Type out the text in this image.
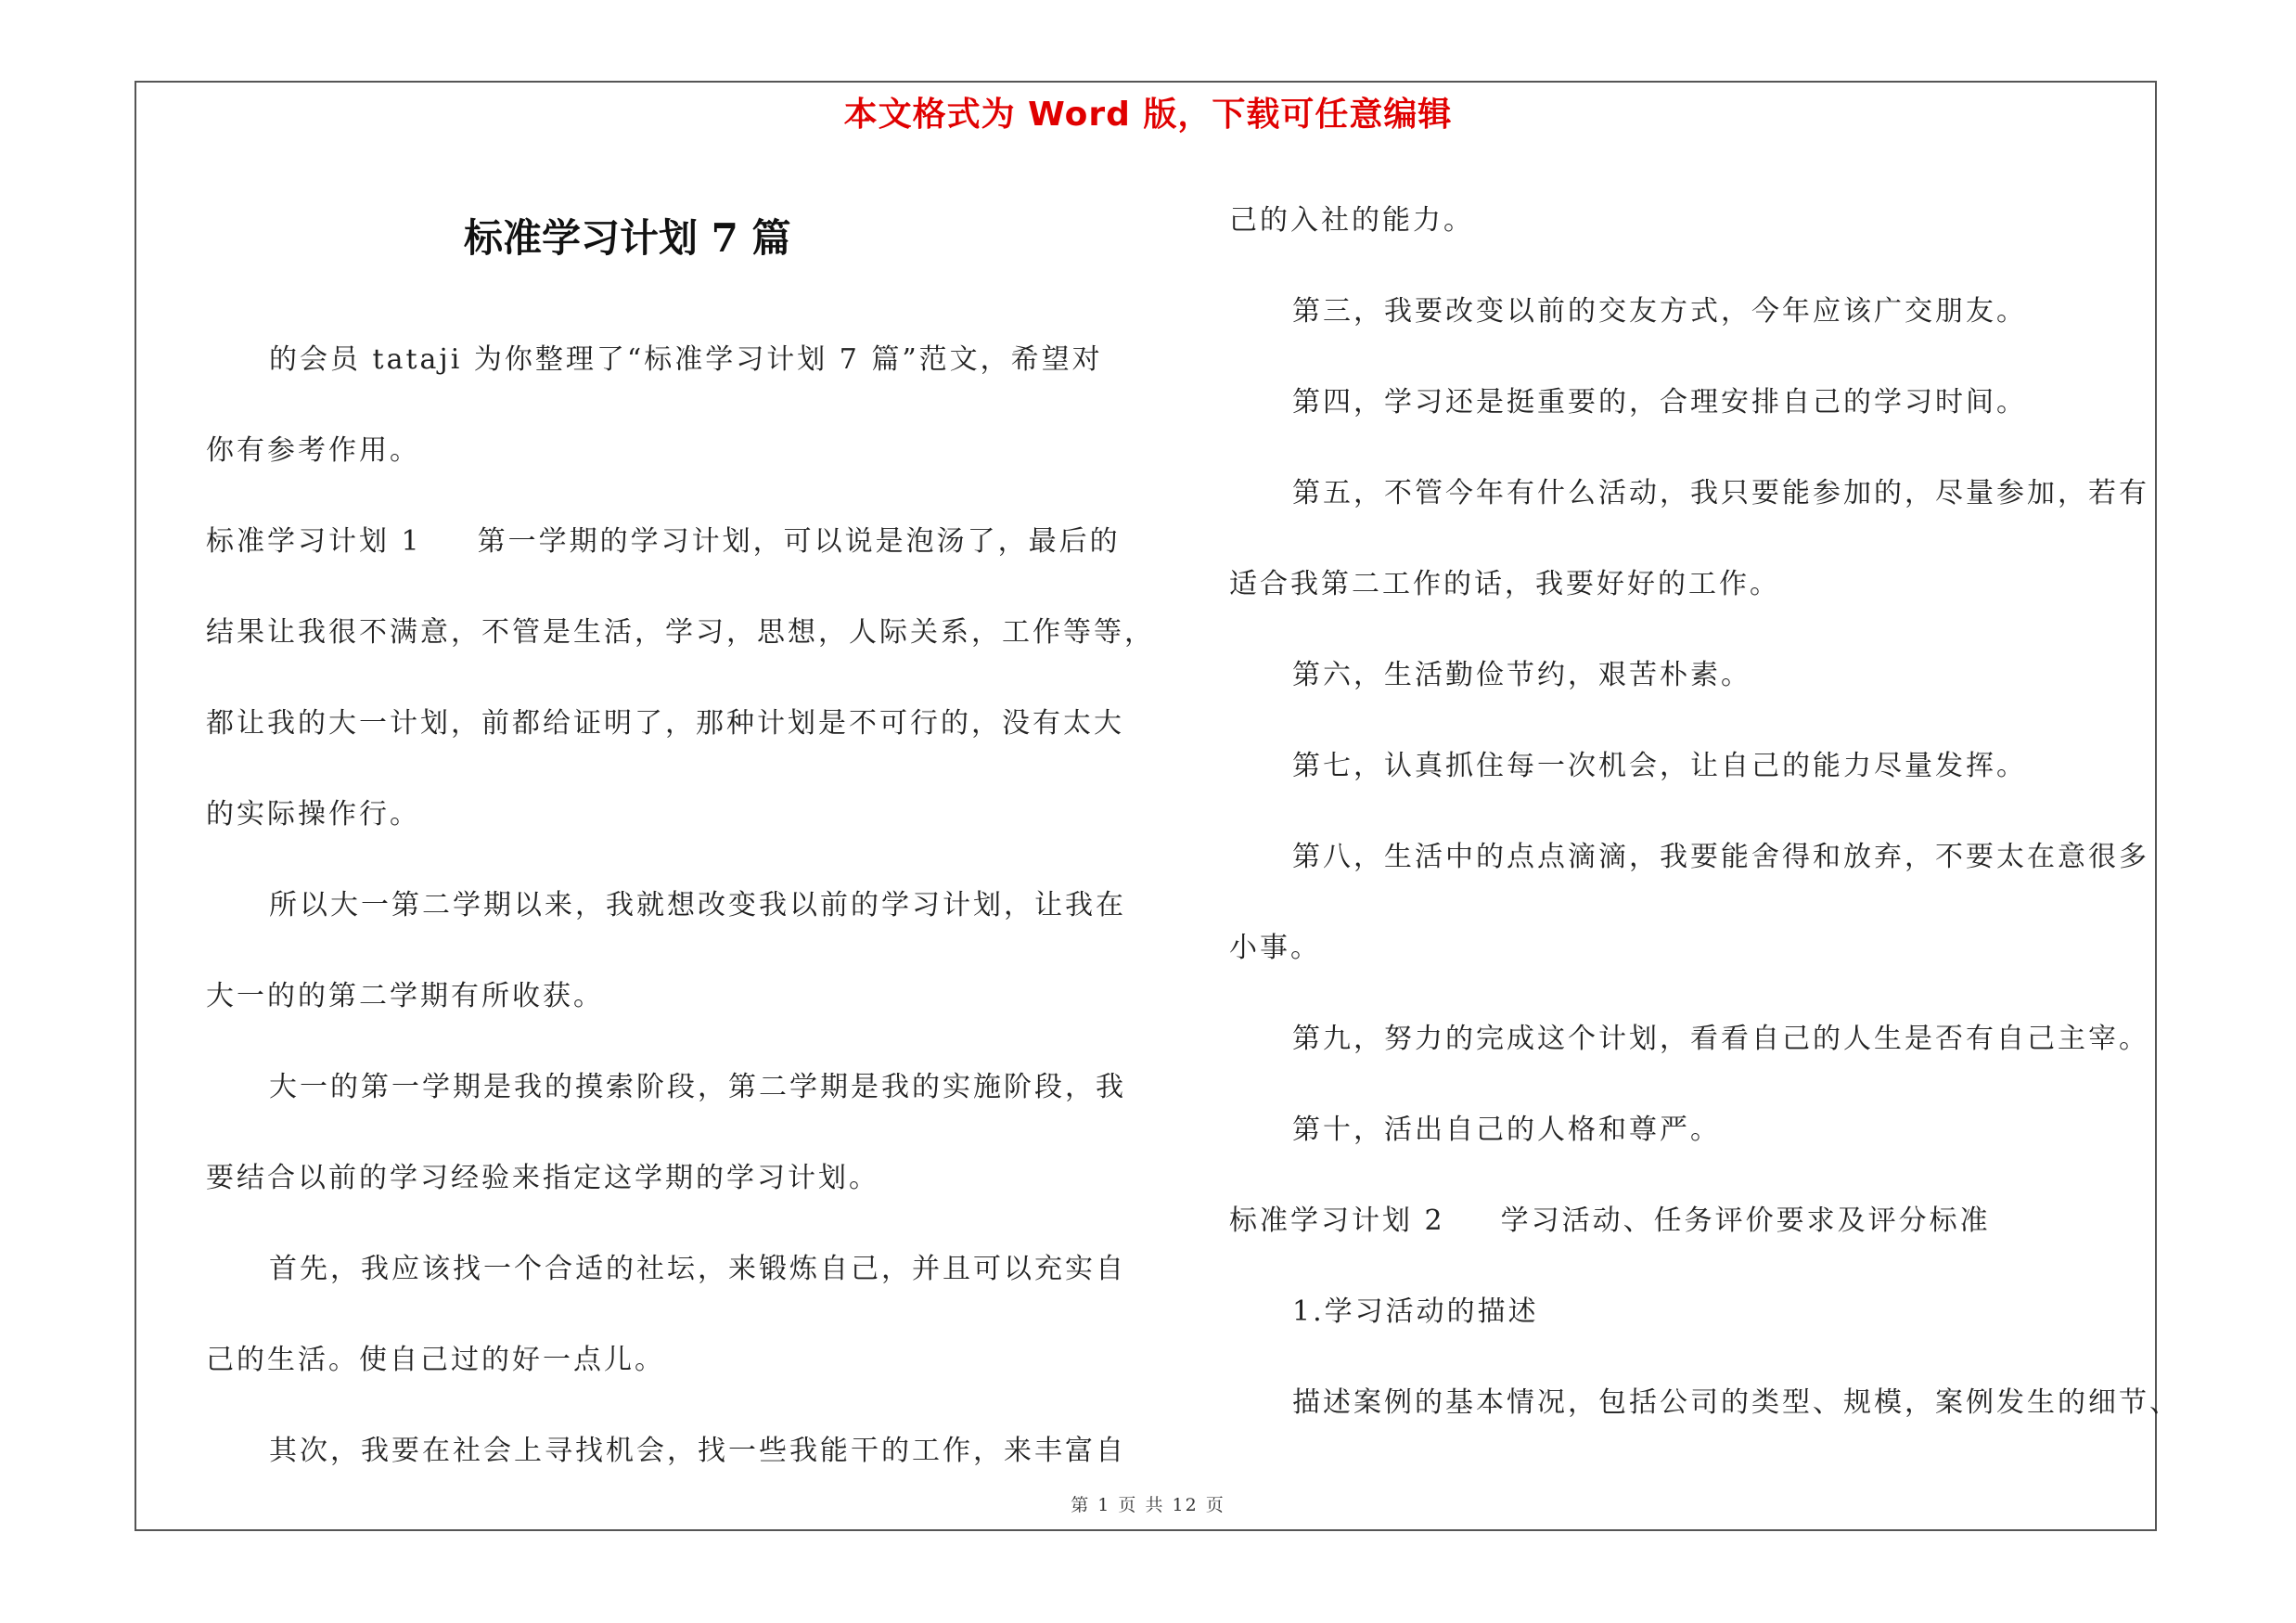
本文格式为 Word 版，下载可任意编辑
标准学习计划 7 篇
的会员 tataji 为你整理了“标准学习计划 7 篇”范文，希望对
你有参考作用。
标准学习计划 1 第一学期的学习计划，可以说是泡汤了，最后的
结果让我很不满意，不管是生活，学习，思想，人际关系，工作等等，
都让我的大一计划，前都给证明了，那种计划是不可行的，没有太大
的实际操作行。
所以大一第二学期以来，我就想改变我以前的学习计划，让我在
大一的的第二学期有所收获。
大一的第一学期是我的摸索阶段，第二学期是我的实施阶段，我
要结合以前的学习经验来指定这学期的学习计划。
首先，我应该找一个合适的社坛，来锻炼自己，并且可以充实自
己的生活。使自己过的好一点儿。
其次，我要在社会上寻找机会，找一些我能干的工作，来丰富自
己的入社的能力。
第三，我要改变以前的交友方式，今年应该广交朋友。
第四，学习还是挺重要的，合理安排自己的学习时间。
第五，不管今年有什么活动，我只要能参加的，尽量参加，若有
适合我第二工作的话，我要好好的工作。
第六，生活勤俭节约，艰苦朴素。
第七，认真抓住每一次机会，让自己的能力尽量发挥。
第八，生活中的点点滴滴，我要能舍得和放弃，不要太在意很多
小事。
第九，努力的完成这个计划，看看自己的人生是否有自己主宰。
第十，活出自己的人格和尊严。
标准学习计划 2 学习活动、任务评价要求及评分标准
1.学习活动的描述
描述案例的基本情况，包括公司的类型、规模，案例发生的细节、
第 1 页 共 12 页
